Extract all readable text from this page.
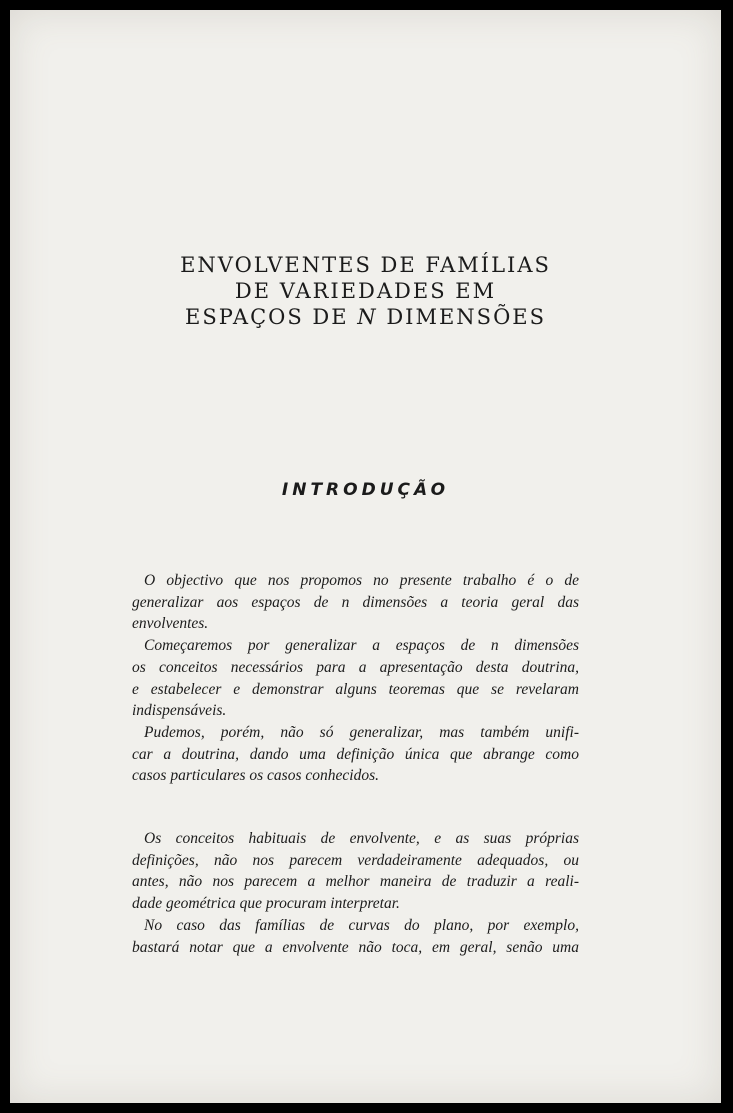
ENVOLVENTES DE FAMÍLIAS
DE VARIEDADES EM
ESPAÇOS DE N DIMENSÕES
INTRODUÇÃO

O objectivo que nos propomos no presente trabalho é o de
generalizar aos espaços de n dimensões a teoria geral das
envolventes.

Começaremos por generalizar a espaços de n dimensões
os conceitos necessários para a apresentação desta doutrina,
e estabelecer e demonstrar alguns teoremas que se revelaram
indispensáveis.

Pudemos, porém, não só generalizar, mas também unifi-
car a doutrina, dando uma definição única que abrange como
casos particulares os casos conhecidos.

Os conceitos habituais de envolvente, e as suas próprias
definições, não nos parecem verdadeiramente adequados, ou
antes, não nos parecem a melhor maneira de traduzir a reali-
dade geométrica que procuram interpretar.

No caso das famílias de curvas do plano, por exemplo,
bastará notar que a envolvente não toca, em geral, senão uma
